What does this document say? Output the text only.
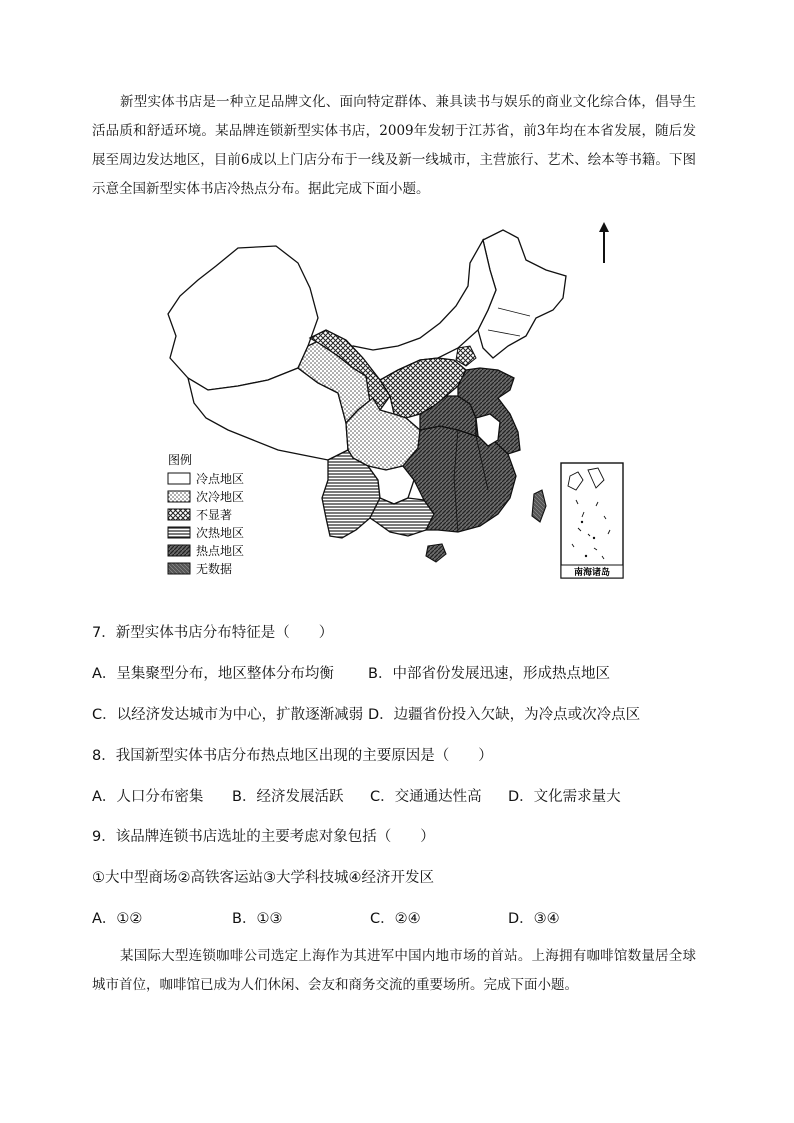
新型实体书店是一种立足品牌文化、面向特定群体、兼具读书与娱乐的商业文化综合体，倡导生活品质和舒适环境。某品牌连锁新型实体书店，2009年发轫于江苏省，前3年均在本省发展，随后发展至周边发达地区，目前6成以上门店分布于一线及新一线城市，主营旅行、艺术、绘本等书籍。下图示意全国新型实体书店冷热点分布。据此完成下面小题。
南海诸岛
图例
冷点地区
次冷地区
不显著
次热地区
热点地区
无数据
7．新型实体书店分布特征是（　　）
A．呈集聚型分布，地区整体分布均衡 B．中部省份发展迅速，形成热点地区
C．以经济发达城市为中心，扩散逐渐减弱 D．边疆省份投入欠缺，为冷点或次冷点区
8．我国新型实体书店分布热点地区出现的主要原因是（　　）
A．人口分布密集 B．经济发展活跃 C．交通通达性高 D．文化需求量大
9．该品牌连锁书店选址的主要考虑对象包括（　　）
①大中型商场②高铁客运站③大学科技城④经济开发区
A．①②	B．①③	C．②④	D．③④
某国际大型连锁咖啡公司选定上海作为其进军中国内地市场的首站。上海拥有咖啡馆数量居全球城市首位，咖啡馆已成为人们休闲、会友和商务交流的重要场所。完成下面小题。
